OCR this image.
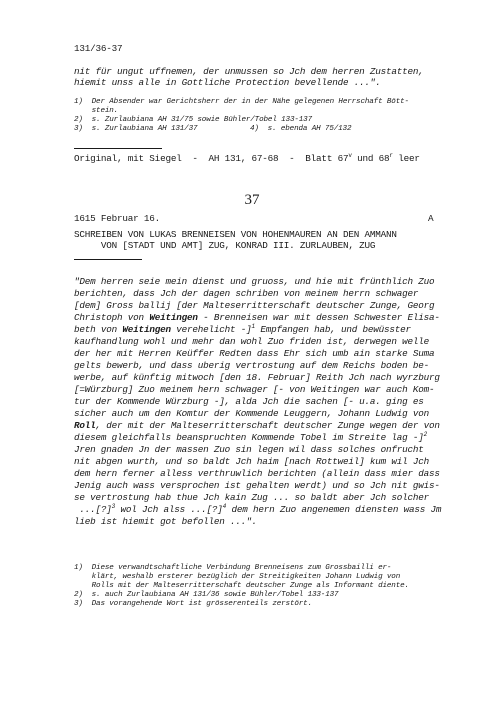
131/36-37
nit für ungut uffnemen, der unmussen so Jch dem herren Zustatten,
hiemit unss alle in Gottliche Protection bevellende ...".
1)  Der Absender war Gerichtsherr der in der Nähe gelegenen Herrschaft Bött-
stein.
2)  s. Zurlaubiana AH 31/75 sowie Bühler/Tobel 133-137
3)  s. Zurlaubiana AH 131/37	4)  s. ebenda AH 75/132
Original, mit Siegel  -  AH 131, 67-68  -  Blatt 67$^v$ und 68$^r$ leer
37
1615 Februar 16.	A
SCHREIBEN VON LUKAS BRENNEISEN VON HOHENMAUREN AN DEN AMMANN
VON [STADT UND AMT] ZUG, KONRAD III. ZURLAUBEN, ZUG
"Dem herren seie mein dienst und gruoss, und hie mit frünthlich Zuo
berichten, dass Jch der dagen schriben von meinem herrn schwager
[dem] Gross ballij [der Malteserritterschaft deutscher Zunge, Georg
Christoph von Weitingen - Brenneisen war mit dessen Schwester Elisa-
beth von Weitingen verehelicht -]$^1$ Empfangen hab, und bewüsster
kaufhandlung wohl und mehr dan wohl Zuo friden ist, derwegen welle
der her mit Herren Keüffer Redten dass Ehr sich umb ain starke Suma
gelts bewerb, und dass uberig vertrostung auf dem Reichs boden be-
werbe, auf künftig mitwoch [den 18. Februar] Reith Jch nach wyrzburg
[=Würzburg] Zuo meinem hern schwager [- von Weitingen war auch Kom-
tur der Kommende Würzburg -], alda Jch die sachen [- u.a. ging es
sicher auch um den Komtur der Kommende Leuggern, Johann Ludwig von
Roll, der mit der Malteserritterschaft deutscher Zunge wegen der von
diesem gleichfalls beanspruchten Kommende Tobel im Streite lag -]$^2$
Jren gnaden Jn der massen Zuo sin legen wil dass solches onfrucht
nit abgen wurth, und so baldt Jch haim [nach Rottweil] kum wil Jch
dem hern ferner alless verthruwlich berichten (allein dass mier dass
Jenig auch wass versprochen ist gehalten werdt) und so Jch nit gwis-
se vertrostung hab thue Jch kain Zug ... so baldt aber Jch solcher
...[?]$^3$ wol Jch alss ...[?]$^4$ dem hern Zuo angenemen diensten wass Jm
lieb ist hiemit got befollen ...".
1)  Diese verwandtschaftliche Verbindung Brenneisens zum Grossbailli er-
klärt, weshalb ersterer bezüglich der Streitigkeiten Johann Ludwig von
Rolls mit der Malteserritterschaft deutscher Zunge als Informant diente.
2)  s. auch Zurlaubiana AH 131/36 sowie Bühler/Tobel 133-137
3)  Das vorangehende Wort ist grösserenteils zerstört.
